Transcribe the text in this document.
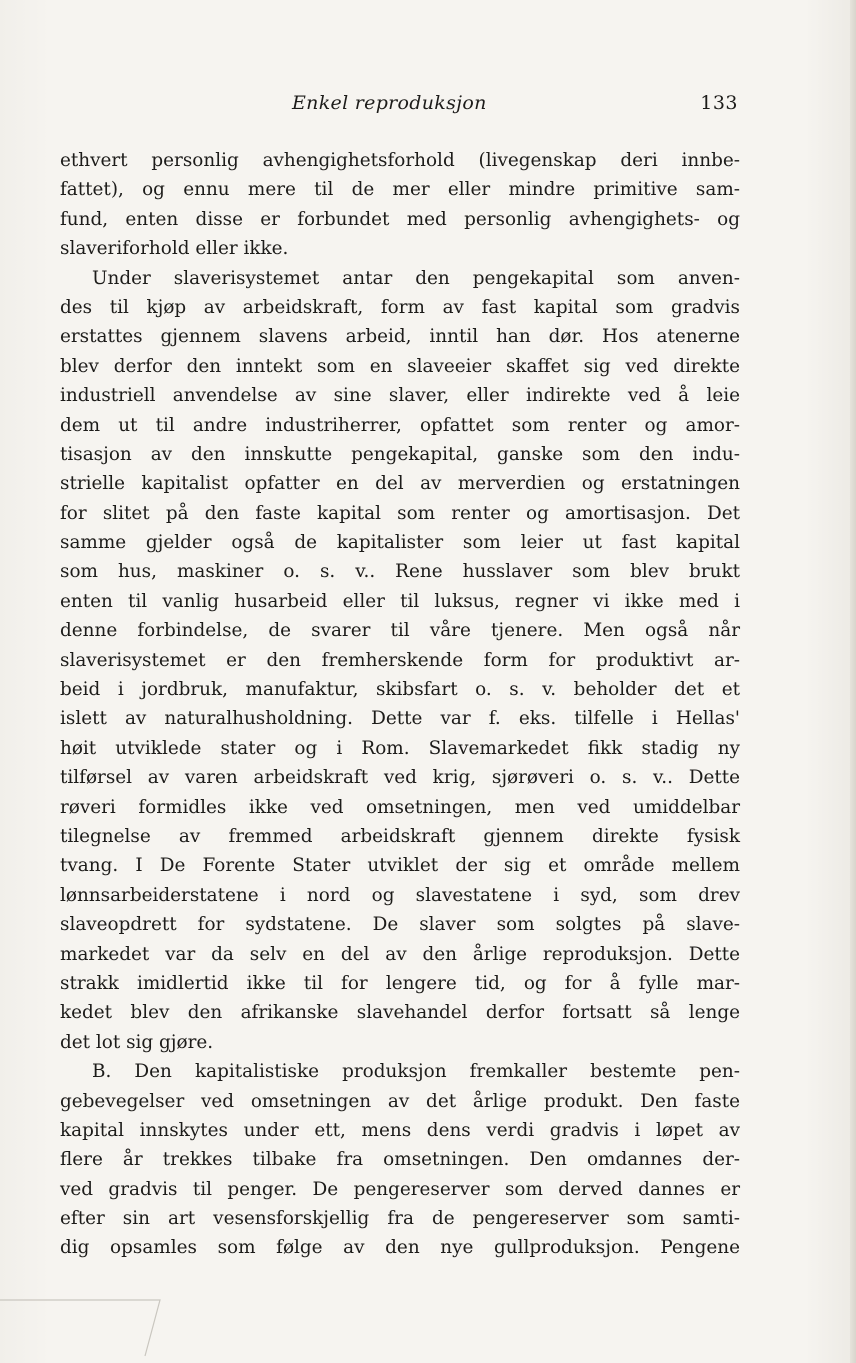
Enkel reproduksjon	133
ethvert personlig avhengighetsforhold (livegenskap deri innbe-
fattet), og ennu mere til de mer eller mindre primitive sam-
fund, enten disse er forbundet med personlig avhengighets- og
slaveriforhold eller ikke.
Under slaverisystemet antar den pengekapital som anven-
des til kjøp av arbeidskraft, form av fast kapital som gradvis
erstattes gjennem slavens arbeid, inntil han dør. Hos atenerne
blev derfor den inntekt som en slaveeier skaffet sig ved direkte
industriell anvendelse av sine slaver, eller indirekte ved å leie
dem ut til andre industriherrer, opfattet som renter og amor-
tisasjon av den innskutte pengekapital, ganske som den indu-
strielle kapitalist opfatter en del av merverdien og erstatningen
for slitet på den faste kapital som renter og amortisasjon. Det
samme gjelder også de kapitalister som leier ut fast kapital
som hus, maskiner o. s. v.. Rene husslaver som blev brukt
enten til vanlig husarbeid eller til luksus, regner vi ikke med i
denne forbindelse, de svarer til våre tjenere. Men også når
slaverisystemet er den fremherskende form for produktivt ar-
beid i jordbruk, manufaktur, skibsfart o. s. v. beholder det et
islett av naturalhusholdning. Dette var f. eks. tilfelle i Hellas'
høit utviklede stater og i Rom. Slavemarkedet fikk stadig ny
tilførsel av varen arbeidskraft ved krig, sjørøveri o. s. v.. Dette
røveri formidles ikke ved omsetningen, men ved umiddelbar
tilegnelse av fremmed arbeidskraft gjennem direkte fysisk
tvang. I De Forente Stater utviklet der sig et område mellem
lønnsarbeiderstatene i nord og slavestatene i syd, som drev
slaveopdrett for sydstatene. De slaver som solgtes på slave-
markedet var da selv en del av den årlige reproduksjon. Dette
strakk imidlertid ikke til for lengere tid, og for å fylle mar-
kedet blev den afrikanske slavehandel derfor fortsatt så lenge
det lot sig gjøre.
B. Den kapitalistiske produksjon fremkaller bestemte pen-
gebevegelser ved omsetningen av det årlige produkt. Den faste
kapital innskytes under ett, mens dens verdi gradvis i løpet av
flere år trekkes tilbake fra omsetningen. Den omdannes der-
ved gradvis til penger. De pengereserver som derved dannes er
efter sin art vesensforskjellig fra de pengereserver som samti-
dig opsamles som følge av den nye gullproduksjon. Pengene
